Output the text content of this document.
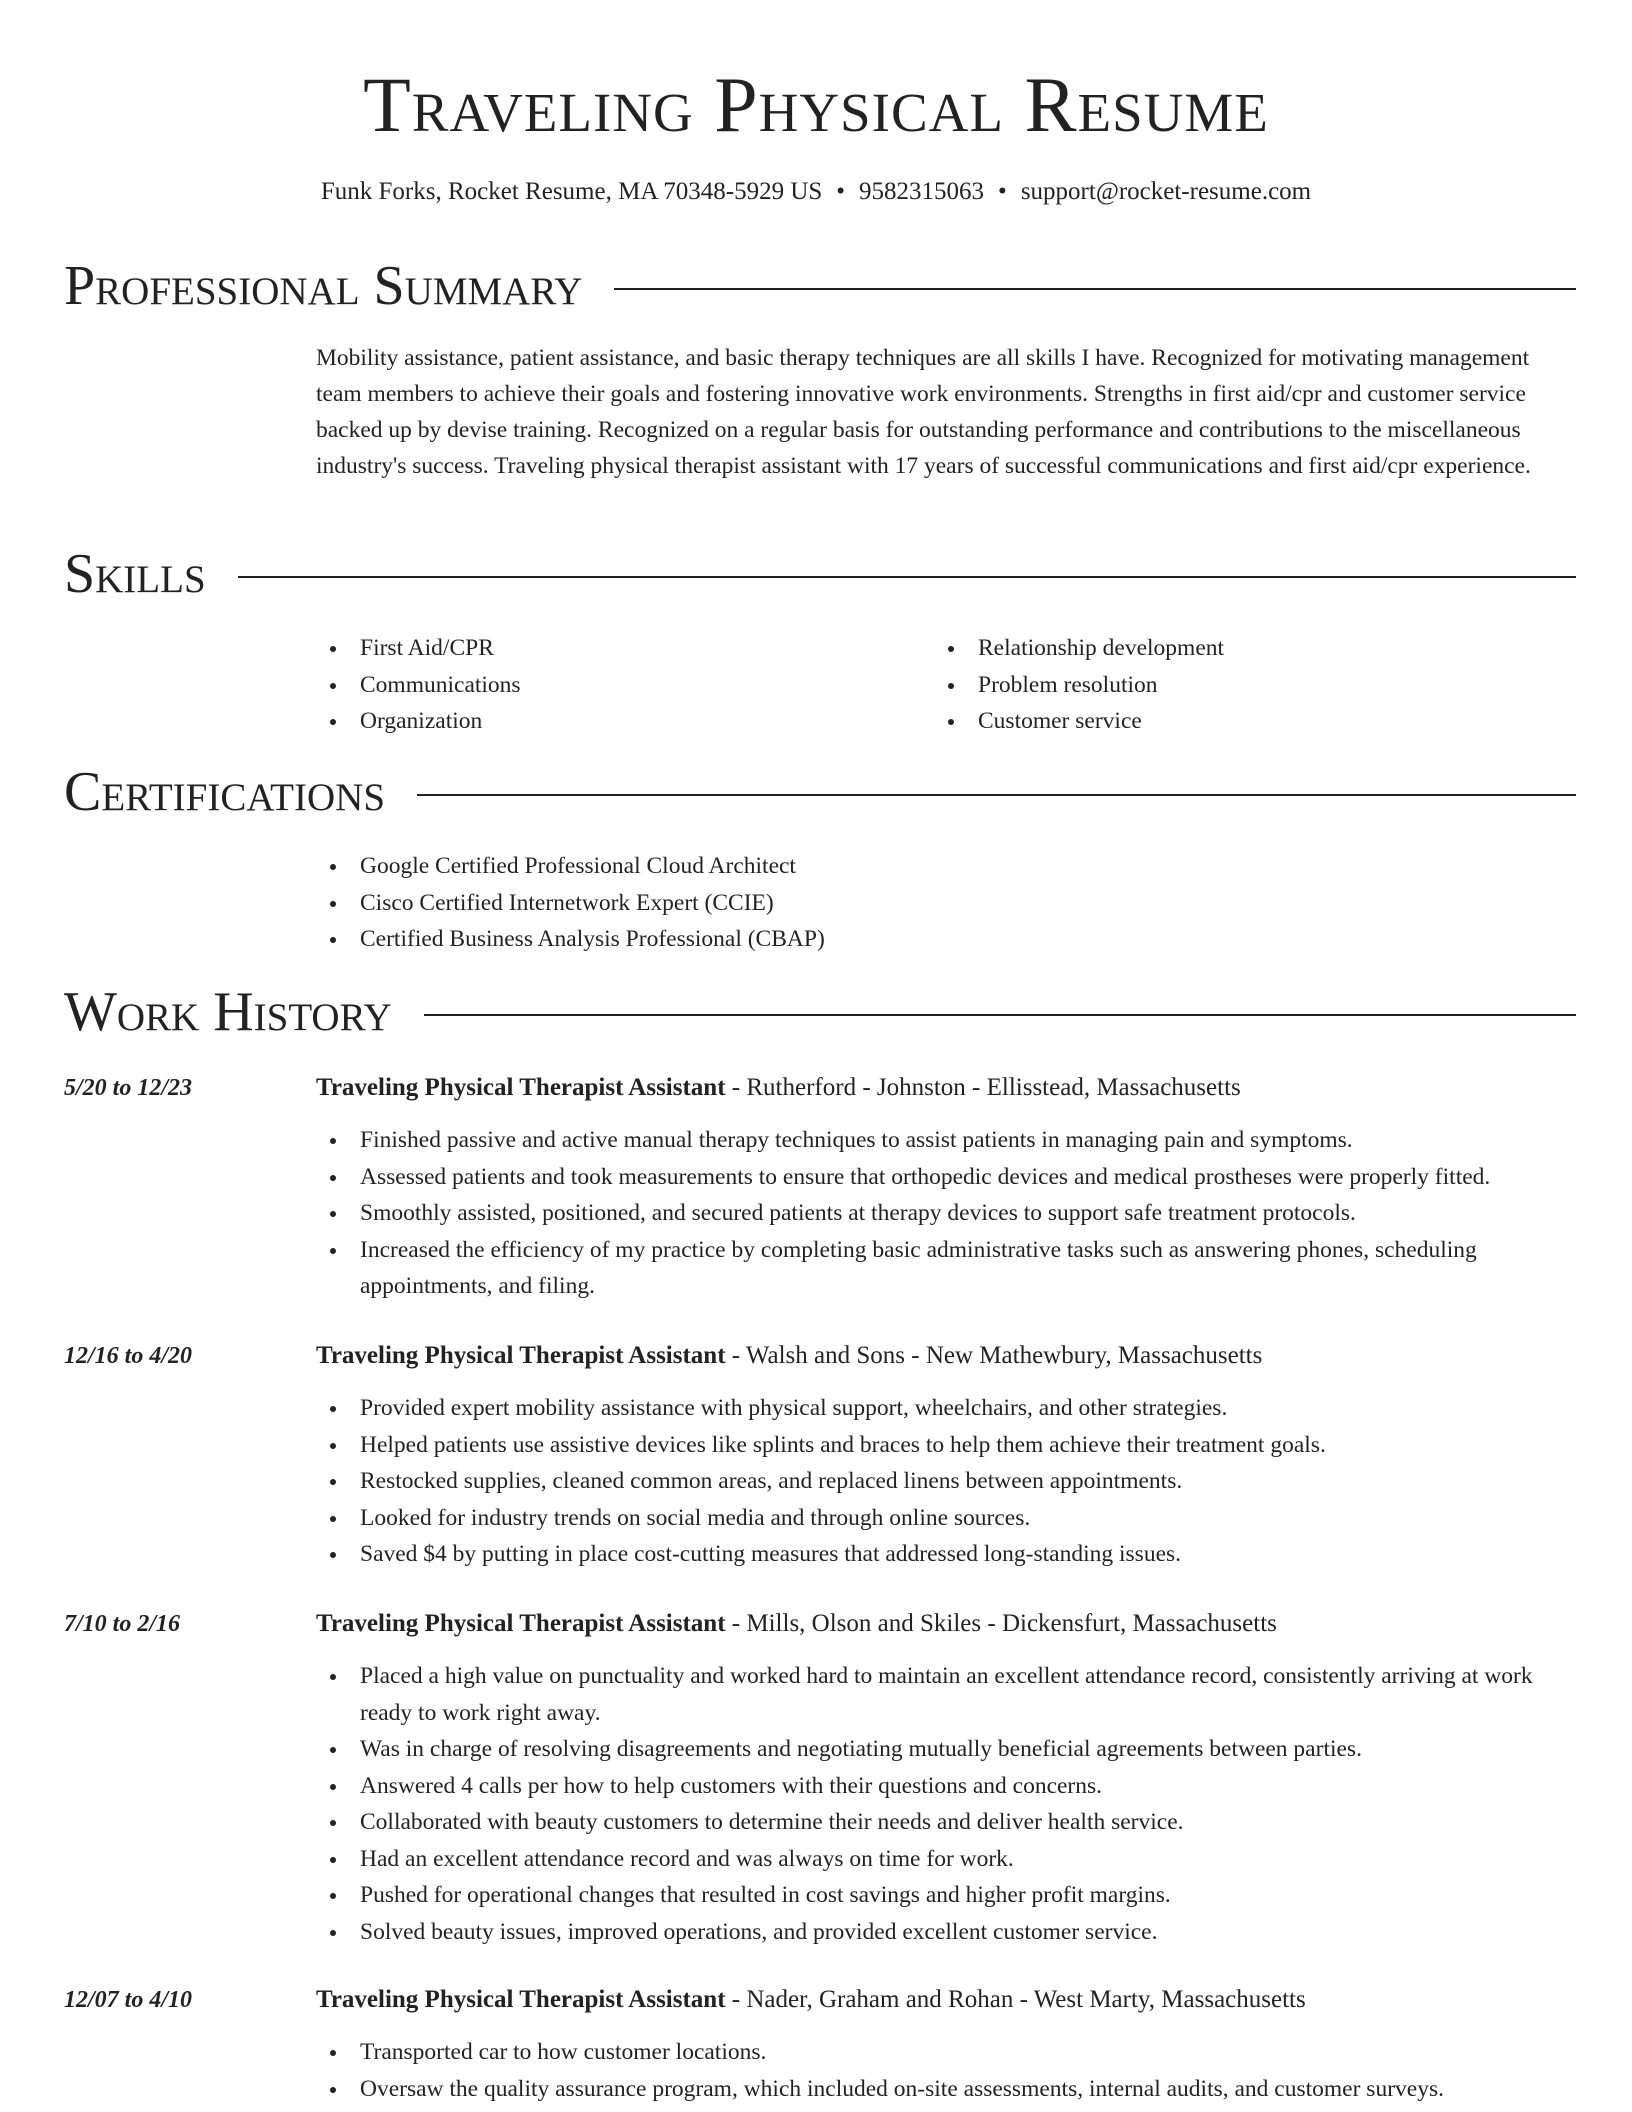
Traveling Physical Resume
Funk Forks, Rocket Resume, MA 70348-5929 US • 9582315063 • support@rocket-resume.com
Professional Summary

Mobility assistance, patient assistance, and basic therapy techniques are all skills I have. Recognized for motivating management team members to achieve their goals and fostering innovative work environments. Strengths in first aid/cpr and customer service backed up by devise training. Recognized on a regular basis for outstanding performance and contributions to the miscellaneous industry's success. Traveling physical therapist assistant with 17 years of successful communications and first aid/cpr experience.

Skills
First Aid/CPR
Communications
Organization
Relationship development
Problem resolution
Customer service
Certifications
Google Certified Professional Cloud Architect
Cisco Certified Internetwork Expert (CCIE)
Certified Business Analysis Professional (CBAP)
Work History
5/20 to 12/23	Traveling Physical Therapist Assistant - Rutherford - Johnston - Ellisstead, Massachusetts
Finished passive and active manual therapy techniques to assist patients in managing pain and symptoms.
Assessed patients and took measurements to ensure that orthopedic devices and medical prostheses were properly fitted.
Smoothly assisted, positioned, and secured patients at therapy devices to support safe treatment protocols.
Increased the efficiency of my practice by completing basic administrative tasks such as answering phones, scheduling appointments, and filing.
12/16 to 4/20	Traveling Physical Therapist Assistant - Walsh and Sons - New Mathewbury, Massachusetts
Provided expert mobility assistance with physical support, wheelchairs, and other strategies.
Helped patients use assistive devices like splints and braces to help them achieve their treatment goals.
Restocked supplies, cleaned common areas, and replaced linens between appointments.
Looked for industry trends on social media and through online sources.
Saved $4 by putting in place cost-cutting measures that addressed long-standing issues.
7/10 to 2/16	Traveling Physical Therapist Assistant - Mills, Olson and Skiles - Dickensfurt, Massachusetts
Placed a high value on punctuality and worked hard to maintain an excellent attendance record, consistently arriving at work ready to work right away.
Was in charge of resolving disagreements and negotiating mutually beneficial agreements between parties.
Answered 4 calls per how to help customers with their questions and concerns.
Collaborated with beauty customers to determine their needs and deliver health service.
Had an excellent attendance record and was always on time for work.
Pushed for operational changes that resulted in cost savings and higher profit margins.
Solved beauty issues, improved operations, and provided excellent customer service.
12/07 to 4/10	Traveling Physical Therapist Assistant - Nader, Graham and Rohan - West Marty, Massachusetts
Transported car to how customer locations.
Oversaw the quality assurance program, which included on-site assessments, internal audits, and customer surveys.
